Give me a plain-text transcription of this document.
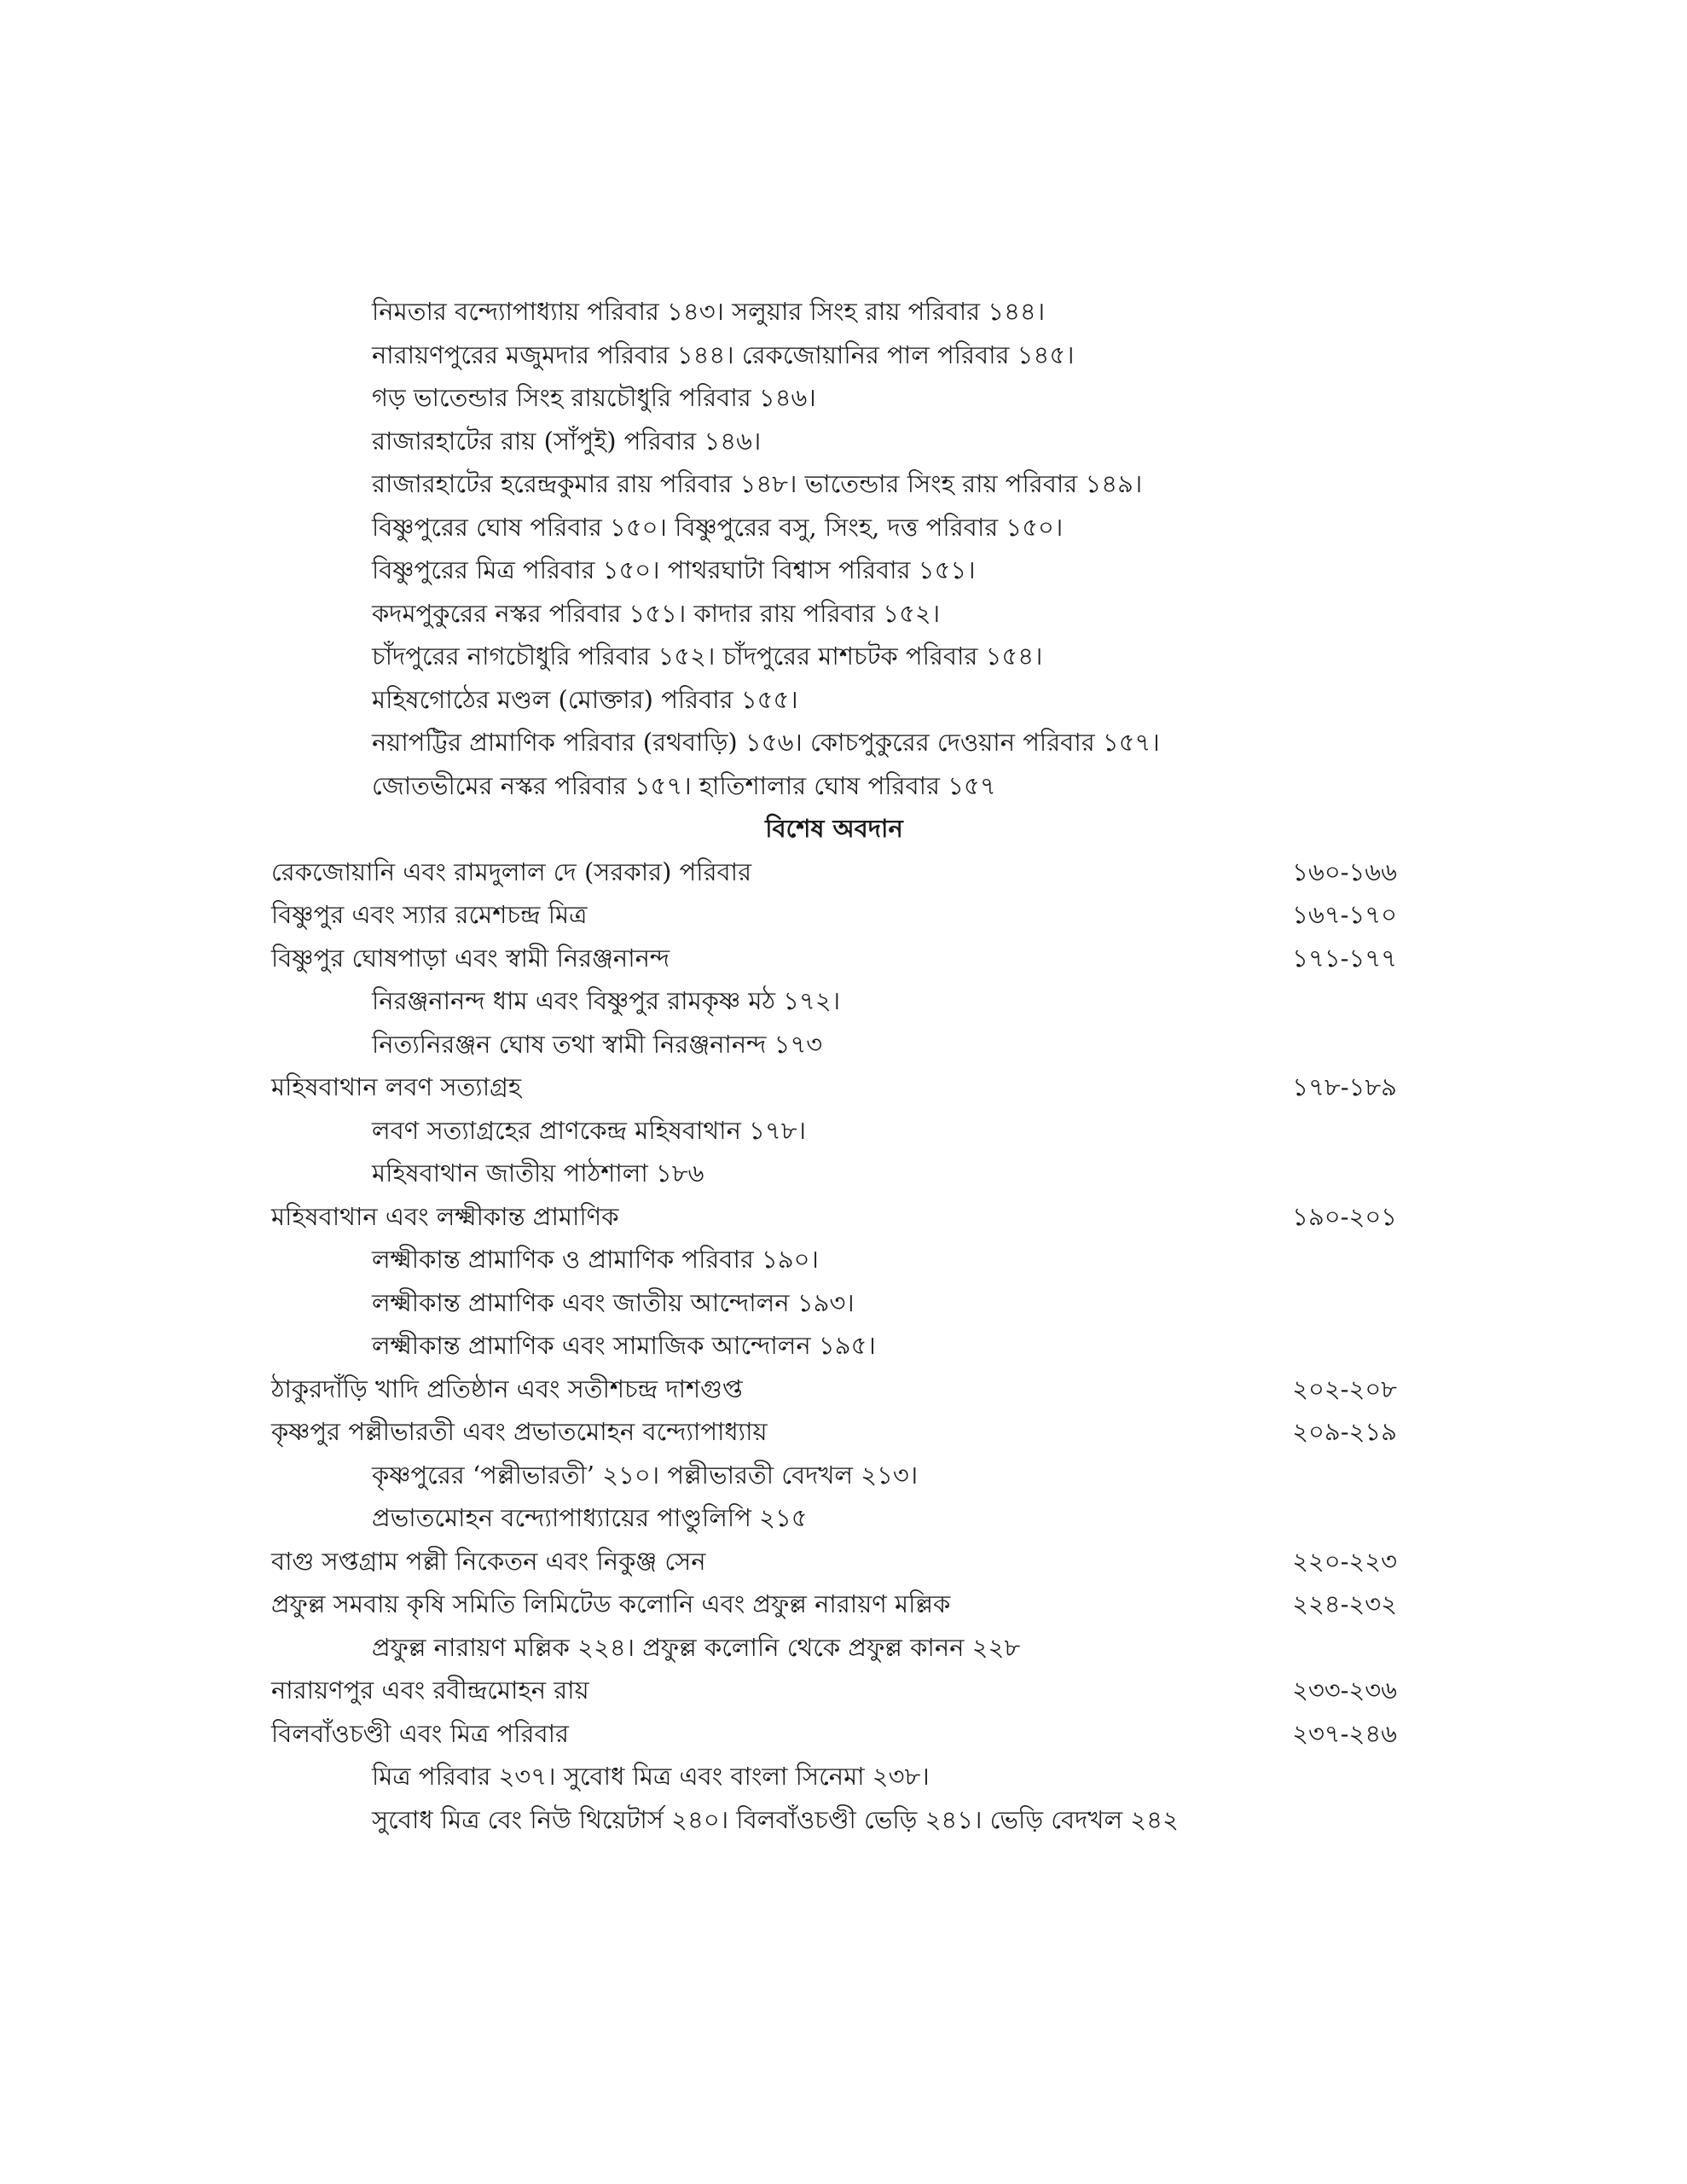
নিমতার বন্দ্যোপাধ্যায় পরিবার ১৪৩। সলুয়ার সিংহ রায় পরিবার ১৪৪।
নারায়ণপুরের মজুমদার পরিবার ১৪৪। রেকজোয়ানির পাল পরিবার ১৪৫।
গড় ভাতেন্ডার সিংহ রায়চৌধুরি পরিবার ১৪৬।
রাজারহাটের রায় (সাঁপুই) পরিবার ১৪৬।
রাজারহাটের হরেন্দ্রকুমার রায় পরিবার ১৪৮। ভাতেন্ডার সিংহ রায় পরিবার ১৪৯।
বিষ্ণুপুরের ঘোষ পরিবার ১৫০। বিষ্ণুপুরের বসু, সিংহ, দত্ত পরিবার ১৫০।
বিষ্ণুপুরের মিত্র পরিবার ১৫০। পাথরঘাটা বিশ্বাস পরিবার ১৫১।
কদমপুকুরের নস্কর পরিবার ১৫১। কাদার রায় পরিবার ১৫২।
চাঁদপুরের নাগচৌধুরি পরিবার ১৫২। চাঁদপুরের মাশচটক পরিবার ১৫৪।
মহিষগোঠের মণ্ডল (মোক্তার) পরিবার ১৫৫।
নয়াপট্টির প্রামাণিক পরিবার (রথবাড়ি) ১৫৬। কোচপুকুরের দেওয়ান পরিবার ১৫৭।
জোতভীমের নস্কর পরিবার ১৫৭। হাতিশালার ঘোষ পরিবার ১৫৭
বিশেষ অবদান
রেকজোয়ানি এবং রামদুলাল দে (সরকার) পরিবার	১৬০-১৬৬
বিষ্ণুপুর এবং স্যার রমেশচন্দ্র মিত্র	১৬৭-১৭০
বিষ্ণুপুর ঘোষপাড়া এবং স্বামী নিরঞ্জনানন্দ	১৭১-১৭৭
নিরঞ্জনানন্দ ধাম এবং বিষ্ণুপুর রামকৃষ্ণ মঠ ১৭২।
নিত্যনিরঞ্জন ঘোষ তথা স্বামী নিরঞ্জনানন্দ ১৭৩
মহিষবাথান লবণ সত্যাগ্রহ	১৭৮-১৮৯
লবণ সত্যাগ্রহের প্রাণকেন্দ্র মহিষবাথান ১৭৮।
মহিষবাথান জাতীয় পাঠশালা ১৮৬
মহিষবাথান এবং লক্ষ্মীকান্ত প্রামাণিক	১৯০-২০১
লক্ষ্মীকান্ত প্রামাণিক ও প্রামাণিক পরিবার ১৯০।
লক্ষ্মীকান্ত প্রামাণিক এবং জাতীয় আন্দোলন ১৯৩।
লক্ষ্মীকান্ত প্রামাণিক এবং সামাজিক আন্দোলন ১৯৫।
ঠাকুরদাঁড়ি খাদি প্রতিষ্ঠান এবং সতীশচন্দ্র দাশগুপ্ত	২০২-২০৮
কৃষ্ণপুর পল্লীভারতী এবং প্রভাতমোহন বন্দ্যোপাধ্যায়	২০৯-২১৯
কৃষ্ণপুরের ‘পল্লীভারতী’ ২১০। পল্লীভারতী বেদখল ২১৩।
প্রভাতমোহন বন্দ্যোপাধ্যায়ের পাণ্ডুলিপি ২১৫
বাগু সপ্তগ্রাম পল্লী নিকেতন এবং নিকুঞ্জ সেন	২২০-২২৩
প্রফুল্ল সমবায় কৃষি সমিতি লিমিটেড কলোনি এবং প্রফুল্ল নারায়ণ মল্লিক	২২৪-২৩২
প্রফুল্ল নারায়ণ মল্লিক ২২৪। প্রফুল্ল কলোনি থেকে প্রফুল্ল কানন ২২৮
নারায়ণপুর এবং রবীন্দ্রমোহন রায়	২৩৩-২৩৬
বিলবাঁওচণ্ডী এবং মিত্র পরিবার	২৩৭-২৪৬
মিত্র পরিবার ২৩৭। সুবোধ মিত্র এবং বাংলা সিনেমা ২৩৮।
সুবোধ মিত্র বেং নিউ থিয়েটার্স ২৪০। বিলবাঁওচণ্ডী ভেড়ি ২৪১। ভেড়ি বেদখল ২৪২
